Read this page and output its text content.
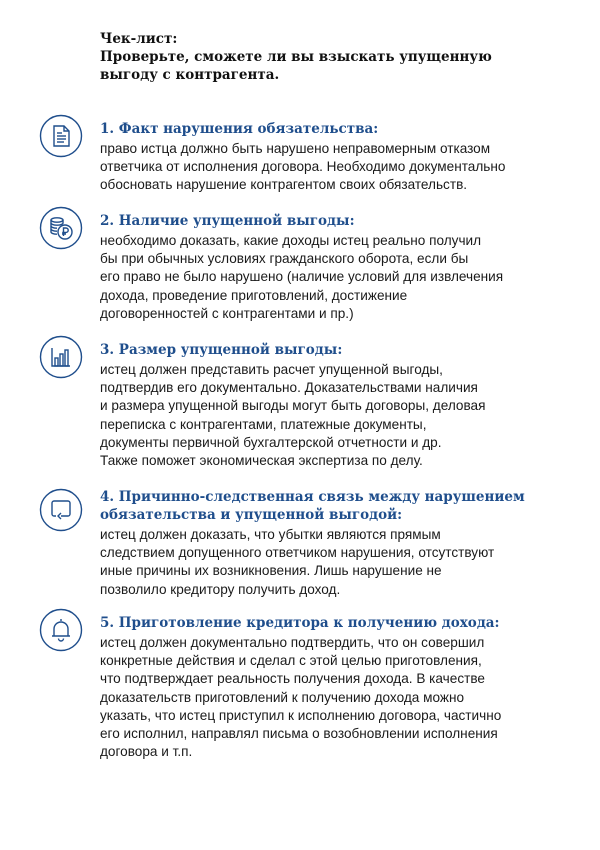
Чек-лист:
Проверьте, сможете ли вы взыскать упущенную
выгоду с контрагента.
1. Факт нарушения обязательства:
право истца должно быть нарушено неправомерным отказом
ответчика от исполнения договора. Необходимо документально
обосновать нарушение контрагентом своих обязательств.
2. Наличие упущенной выгоды:
необходимо доказать, какие доходы истец реально получил
бы при обычных условиях гражданского оборота, если бы
его право не было нарушено (наличие условий для извлечения
дохода, проведение приготовлений, достижение
договоренностей с контрагентами и пр.)
3. Размер упущенной выгоды:
истец должен представить расчет упущенной выгоды,
подтвердив его документально. Доказательствами наличия
и размера упущенной выгоды могут быть договоры, деловая
переписка с контрагентами, платежные документы,
документы первичной бухгалтерской отчетности и др.
Также поможет экономическая экспертиза по делу.
4. Причинно-следственная связь между нарушением
обязательства и упущенной выгодой:
истец должен доказать, что убытки являются прямым
следствием допущенного ответчиком нарушения, отсутствуют
иные причины их возникновения. Лишь нарушение не
позволило кредитору получить доход.
5. Приготовление кредитора к получению дохода:
истец должен документально подтвердить, что он совершил
конкретные действия и сделал с этой целью приготовления,
что подтверждает реальность получения дохода. В качестве
доказательств приготовлений к получению дохода можно
указать, что истец приступил к исполнению договора, частично
его исполнил, направлял письма о возобновлении исполнения
договора и т.п.
